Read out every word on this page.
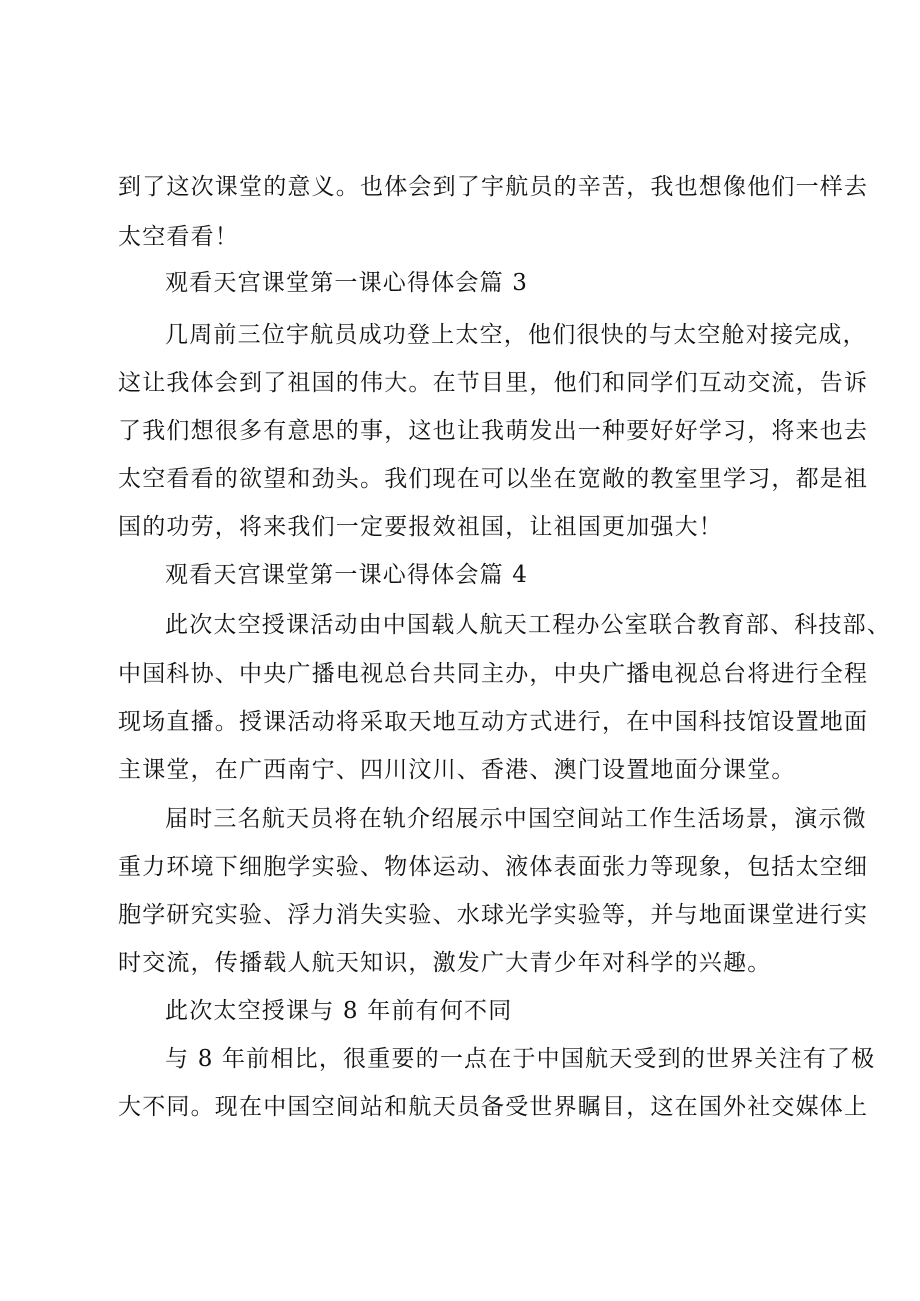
到了这次课堂的意义。也体会到了宇航员的辛苦，我也想像他们一样去
太空看看！
观看天宫课堂第一课心得体会篇 3
几周前三位宇航员成功登上太空，他们很快的与太空舱对接完成，
这让我体会到了祖国的伟大。在节目里，他们和同学们互动交流，告诉
了我们想很多有意思的事，这也让我萌发出一种要好好学习，将来也去
太空看看的欲望和劲头。我们现在可以坐在宽敞的教室里学习，都是祖
国的功劳，将来我们一定要报效祖国，让祖国更加强大！
观看天宫课堂第一课心得体会篇 4
此次太空授课活动由中国载人航天工程办公室联合教育部、科技部、
中国科协、中央广播电视总台共同主办，中央广播电视总台将进行全程
现场直播。授课活动将采取天地互动方式进行，在中国科技馆设置地面
主课堂，在广西南宁、四川汶川、香港、澳门设置地面分课堂。
届时三名航天员将在轨介绍展示中国空间站工作生活场景，演示微
重力环境下细胞学实验、物体运动、液体表面张力等现象，包括太空细
胞学研究实验、浮力消失实验、水球光学实验等，并与地面课堂进行实
时交流，传播载人航天知识，激发广大青少年对科学的兴趣。
此次太空授课与 8 年前有何不同
与 8 年前相比，很重要的一点在于中国航天受到的世界关注有了极
大不同。现在中国空间站和航天员备受世界瞩目，这在国外社交媒体上
